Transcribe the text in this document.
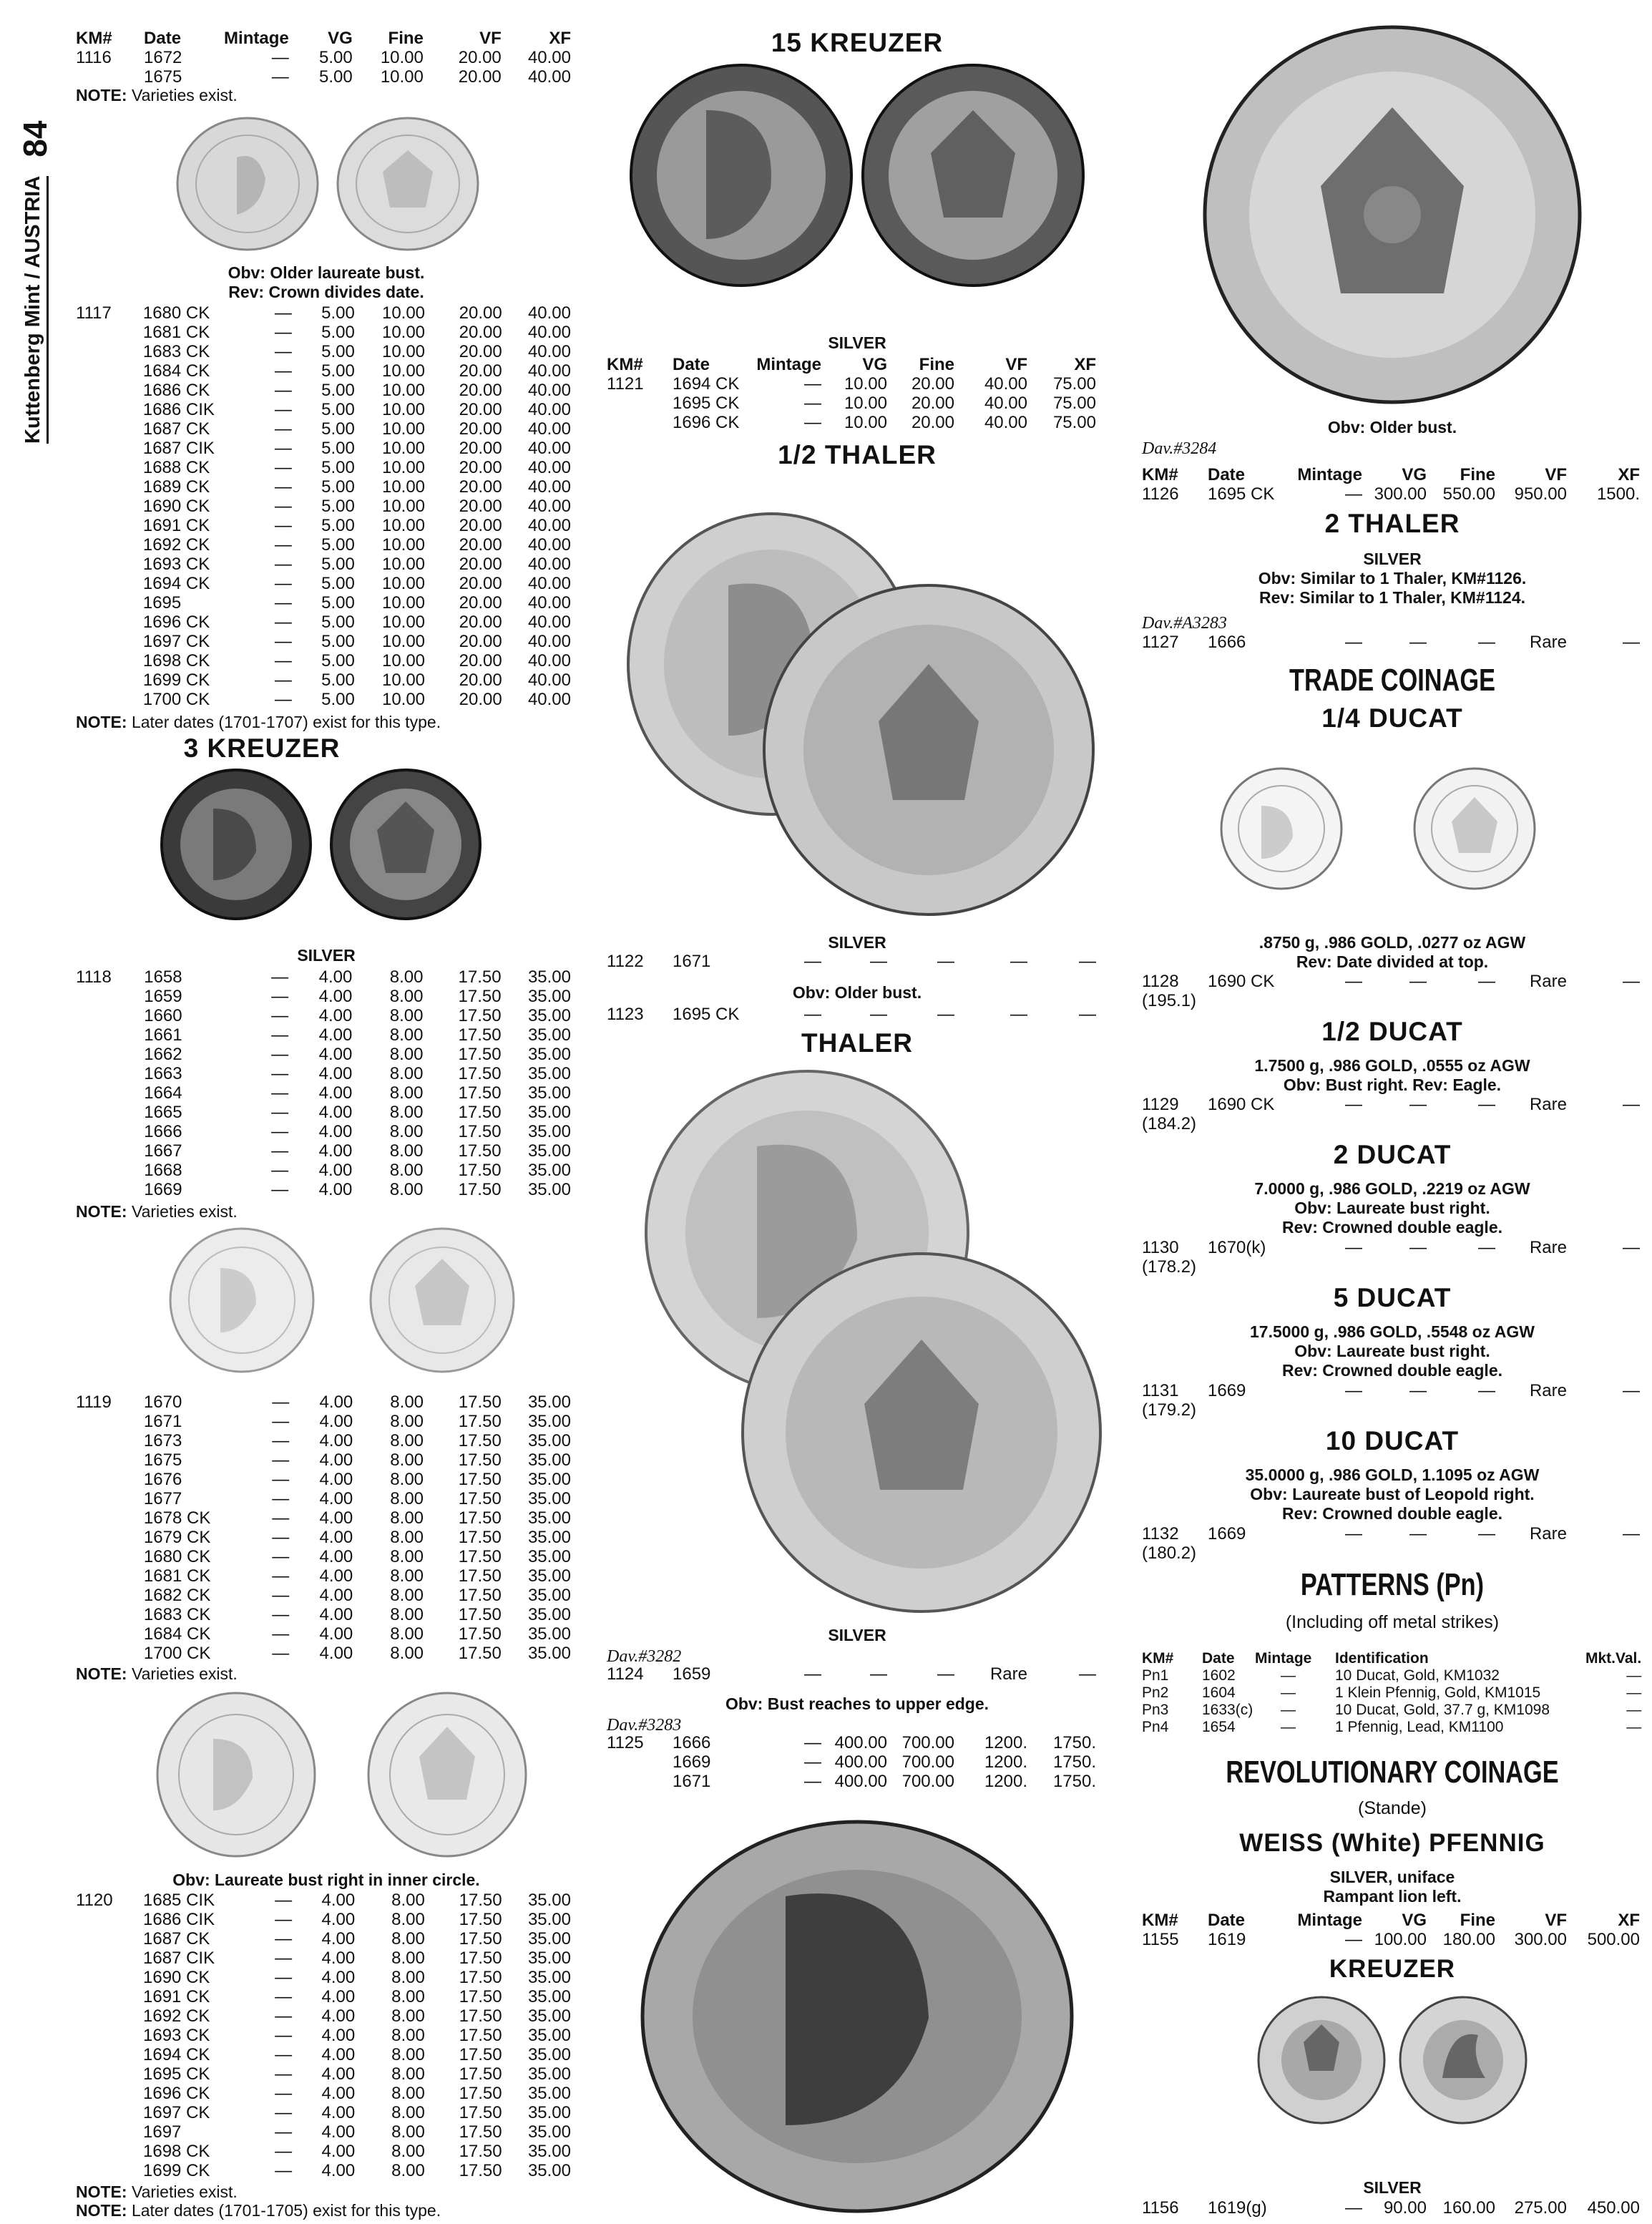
Kuttenberg Mint / AUSTRIA
84
KM#	Date	Mintage	VG	Fine	VF	XF
1116	1672	—	5.00	10.00	20.00	40.00
	1675	—	5.00	10.00	20.00	40.00
NOTE: Varieties exist.
Obv: Older laureate bust.
Rev: Crown divides date.
1117	1680 CK	—	5.00	10.00	20.00	40.00
	1681 CK	—	5.00	10.00	20.00	40.00
	1683 CK	—	5.00	10.00	20.00	40.00
	1684 CK	—	5.00	10.00	20.00	40.00
	1686 CK	—	5.00	10.00	20.00	40.00
	1686 CIK	—	5.00	10.00	20.00	40.00
	1687 CK	—	5.00	10.00	20.00	40.00
	1687 CIK	—	5.00	10.00	20.00	40.00
	1688 CK	—	5.00	10.00	20.00	40.00
	1689 CK	—	5.00	10.00	20.00	40.00
	1690 CK	—	5.00	10.00	20.00	40.00
	1691 CK	—	5.00	10.00	20.00	40.00
	1692 CK	—	5.00	10.00	20.00	40.00
	1693 CK	—	5.00	10.00	20.00	40.00
	1694 CK	—	5.00	10.00	20.00	40.00
	1695	—	5.00	10.00	20.00	40.00
	1696 CK	—	5.00	10.00	20.00	40.00
	1697 CK	—	5.00	10.00	20.00	40.00
	1698 CK	—	5.00	10.00	20.00	40.00
	1699 CK	—	5.00	10.00	20.00	40.00
	1700 CK	—	5.00	10.00	20.00	40.00
NOTE: Later dates (1701-1707) exist for this type.
3 KREUZER
SILVER
1118	1658	—	4.00	8.00	17.50	35.00
	1659	—	4.00	8.00	17.50	35.00
	1660	—	4.00	8.00	17.50	35.00
	1661	—	4.00	8.00	17.50	35.00
	1662	—	4.00	8.00	17.50	35.00
	1663	—	4.00	8.00	17.50	35.00
	1664	—	4.00	8.00	17.50	35.00
	1665	—	4.00	8.00	17.50	35.00
	1666	—	4.00	8.00	17.50	35.00
	1667	—	4.00	8.00	17.50	35.00
	1668	—	4.00	8.00	17.50	35.00
	1669	—	4.00	8.00	17.50	35.00
NOTE: Varieties exist.
1119	1670	—	4.00	8.00	17.50	35.00
	1671	—	4.00	8.00	17.50	35.00
	1673	—	4.00	8.00	17.50	35.00
	1675	—	4.00	8.00	17.50	35.00
	1676	—	4.00	8.00	17.50	35.00
	1677	—	4.00	8.00	17.50	35.00
	1678 CK	—	4.00	8.00	17.50	35.00
	1679 CK	—	4.00	8.00	17.50	35.00
	1680 CK	—	4.00	8.00	17.50	35.00
	1681 CK	—	4.00	8.00	17.50	35.00
	1682 CK	—	4.00	8.00	17.50	35.00
	1683 CK	—	4.00	8.00	17.50	35.00
	1684 CK	—	4.00	8.00	17.50	35.00
	1700 CK	—	4.00	8.00	17.50	35.00
NOTE: Varieties exist.
Obv: Laureate bust right in inner circle.
1120	1685 CIK	—	4.00	8.00	17.50	35.00
	1686 CIK	—	4.00	8.00	17.50	35.00
	1687 CK	—	4.00	8.00	17.50	35.00
	1687 CIK	—	4.00	8.00	17.50	35.00
	1690 CK	—	4.00	8.00	17.50	35.00
	1691 CK	—	4.00	8.00	17.50	35.00
	1692 CK	—	4.00	8.00	17.50	35.00
	1693 CK	—	4.00	8.00	17.50	35.00
	1694 CK	—	4.00	8.00	17.50	35.00
	1695 CK	—	4.00	8.00	17.50	35.00
	1696 CK	—	4.00	8.00	17.50	35.00
	1697 CK	—	4.00	8.00	17.50	35.00
	1697	—	4.00	8.00	17.50	35.00
	1698 CK	—	4.00	8.00	17.50	35.00
	1699 CK	—	4.00	8.00	17.50	35.00
NOTE: Varieties exist.
NOTE: Later dates (1701-1705) exist for this type.
15 KREUZER
SILVER
KM#	Date	Mintage	VG	Fine	VF	XF
1121	1694 CK	—	10.00	20.00	40.00	75.00
	1695 CK	—	10.00	20.00	40.00	75.00
	1696 CK	—	10.00	20.00	40.00	75.00
1/2 THALER
SILVER
1122	1671	—	—	—	—	—
Obv: Older bust.
1123	1695 CK	—	—	—	—	—
THALER
SILVER
Dav.#3282
1124	1659	—	—	—	Rare	—
Obv: Bust reaches to upper edge.
Dav.#3283
1125	1666	—	400.00	700.00	1200.	1750.
	1669	—	400.00	700.00	1200.	1750.
	1671	—	400.00	700.00	1200.	1750.
Obv: Older bust.
Dav.#3284
KM#	Date	Mintage	VG	Fine	VF	XF
1126	1695 CK	—	300.00	550.00	950.00	1500.
2 THALER
SILVER
Obv: Similar to 1 Thaler, KM#1126.
Rev: Similar to 1 Thaler, KM#1124.
Dav.#A3283
1127	1666	—	—	—	Rare	—
TRADE COINAGE
1/4 DUCAT
.8750 g, .986 GOLD, .0277 oz AGW
Rev: Date divided at top.
1128	1690 CK	—	—	—	Rare	—
(195.1)
1/2 DUCAT
1.7500 g, .986 GOLD, .0555 oz AGW
Obv: Bust right. Rev: Eagle.
1129	1690 CK	—	—	—	Rare	—
(184.2)
2 DUCAT
7.0000 g, .986 GOLD, .2219 oz AGW
Obv: Laureate bust right.
Rev: Crowned double eagle.
1130	1670(k)	—	—	—	Rare	—
(178.2)
5 DUCAT
17.5000 g, .986 GOLD, .5548 oz AGW
Obv: Laureate bust right.
Rev: Crowned double eagle.
1131	1669	—	—	—	Rare	—
(179.2)
10 DUCAT
35.0000 g, .986 GOLD, 1.1095 oz AGW
Obv: Laureate bust of Leopold right.
Rev: Crowned double eagle.
1132	1669	—	—	—	Rare	—
(180.2)
PATTERNS (Pn)
(Including off metal strikes)
KM#	Date	Mintage	Identification	Mkt.Val.
Pn1	1602	—	10 Ducat, Gold, KM1032	—
Pn2	1604	—	1 Klein Pfennig, Gold, KM1015	—
Pn3	1633(c)	—	10 Ducat, Gold, 37.7 g, KM1098	—
Pn4	1654	—	1 Pfennig, Lead, KM1100	—
REVOLUTIONARY COINAGE
(Stande)
WEISS (White) PFENNIG
SILVER, uniface
Rampant lion left.
KM#	Date	Mintage	VG	Fine	VF	XF
1155	1619	—	100.00	180.00	300.00	500.00
KREUZER
SILVER
1156	1619(g)	—	90.00	160.00	275.00	450.00
